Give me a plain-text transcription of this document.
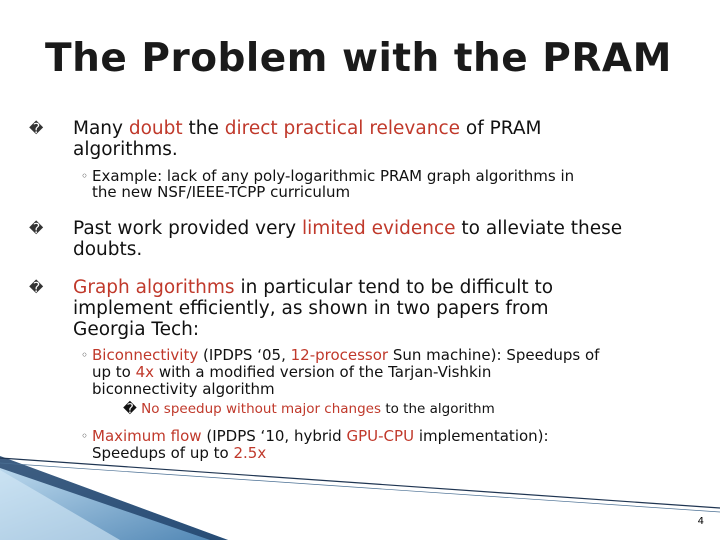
The Problem with the PRAM
� Many doubt the direct practical relevance of PRAM
algorithms.
◦ Example: lack of any poly-logarithmic PRAM graph algorithms in
the new NSF/IEEE-TCPP curriculum
� Past work provided very limited evidence to alleviate these
doubts.
� Graph algorithms in particular tend to be difficult to
implement efficiently, as shown in two papers from
Georgia Tech:
◦ Biconnectivity (IPDPS ‘05, 12-processor Sun machine): Speedups of
up to 4x with a modified version of the Tarjan-Vishkin
biconnectivity algorithm
� No speedup without major changes to the algorithm
◦ Maximum flow (IPDPS ‘10, hybrid GPU-CPU implementation):
Speedups of up to 2.5x
4
